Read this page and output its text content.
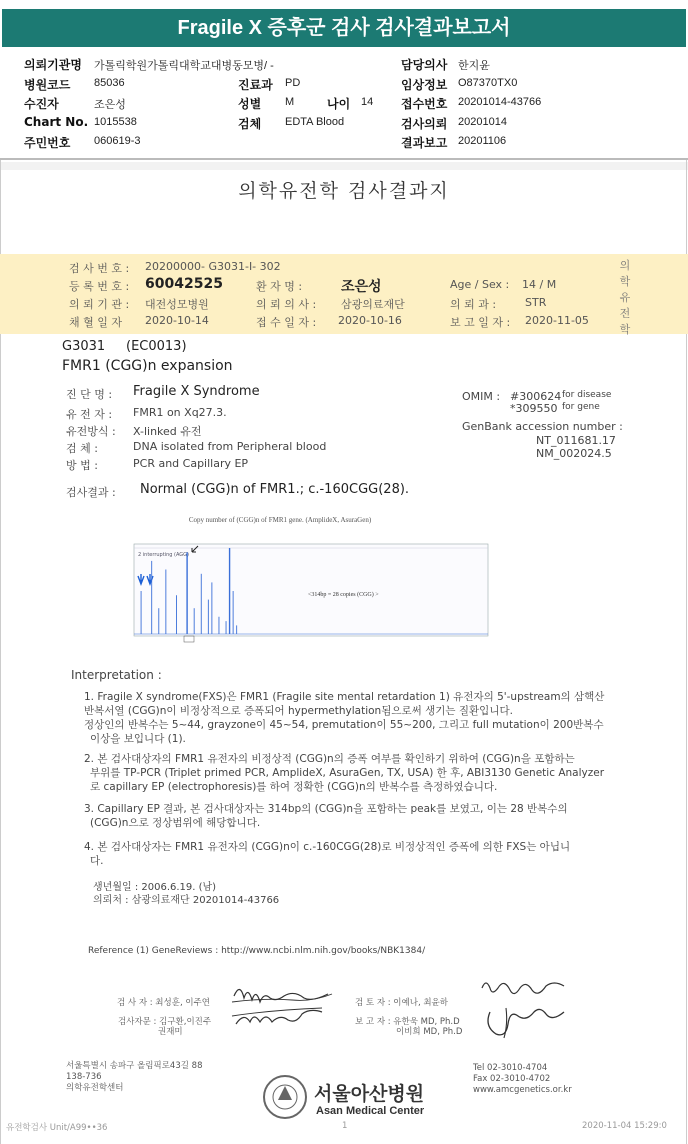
Fragile X 증후군 검사 검사결과보고서
의뢰기관명 가톨릭학원가톨릭대학교대병동모병/ -
병원코드 85036
수진자	조은성
Chart No. 1015538
주민번호 060619-3
진료과 PD
성별 M	나이 14
검체 EDTA Blood
담당의사 한지윤
임상정보 O87370TX0
접수번호 20201014-43766
검사의뢰 20201014
결과보고 20201106
의학유전학 검사결과지
검 사 번 호 : 20200000- G3031-I- 302
등 록 번 호 : 60042525	환 자 명 :	조은성	Age / Sex : 14 / M
의 뢰 기 관 : 대전성모병원	의 뢰 의 사 : 삼광의료재단	의 뢰 과 :	STR
채 혈 일 자 2020-10-14	접 수 일 자 : 2020-10-16	보 고 일 자 : 2020-11-05
의
학
유
전
학
G3031 (EC0013)
FMR1 (CGG)n expansion
진 단 명 : Fragile X Syndrome
유 전 자 : FMR1 on Xq27.3.
유전방식 : X-linked 유전
검 체 :	DNA isolated from Peripheral blood
방 법 :	PCR and Capillary EP
OMIM : #300624 for disease
*309550 for gene
GenBank accession number :
NT_011681.17
NM_002024.5
검사결과 : Normal (CGG)n of FMR1.; c.-160CGG(28).
Copy number of (CGG)n of FMR1 gene. (AmplideX, AsuraGen)
2 interrupting (AGG)
<314bp = 28 copies (CGG) >
Interpretation :
1. Fragile X syndrome(FXS)은 FMR1 (Fragile site mental retardation 1) 유전자의 5'-upstream의 삼핵산
반복서열 (CGG)n이 비정상적으로 증폭되어 hypermethylation됨으로써 생기는 질환입니다.
정상인의 반복수는 5~44, grayzone이 45~54, premutation이 55~200, 그리고 full mutation이 200반복수
이상을 보입니다 (1).
2. 본 검사대상자의 FMR1 유전자의 비정상적 (CGG)n의 증폭 여부를 확인하기 위하여 (CGG)n을 포함하는
부위를 TP-PCR (Triplet primed PCR, AmplideX, AsuraGen, TX, USA) 한 후, ABI3130 Genetic Analyzer
로 capillary EP (electrophoresis)를 하여 정확한 (CGG)n의 반복수를 측정하였습니다.
3. Capillary EP 결과, 본 검사대상자는 314bp의 (CGG)n을 포함하는 peak를 보였고, 이는 28 반복수의
(CGG)n으로 정상범위에 해당합니다.
4. 본 검사대상자는 FMR1 유전자의 (CGG)n이 c.-160CGG(28)로 비정상적인 증폭에 의한 FXS는 아닙니
다.
생년월일 : 2006.6.19. (남)
의뢰처 : 삼광의료재단 20201014-43766
Reference (1) GeneReviews : http://www.ncbi.nlm.nih.gov/books/NBK1384/
검 사 자 : 최성훈, 이주연	검 토 자 : 이예나, 최윤하
검사자문 : 김구환,이진주
권재미
보 고 자 : 유한욱 MD, Ph.D
이비희 MD, Ph.D
서울특별시 송파구 올림픽로43길 88
138-736
의학유전학센터
Tel 02-3010-4704
Fax 02-3010-4702
www.amcgenetics.or.kr
서울아산병원
Asan Medical Center
유전학검사 Unit/A99••36	1	2020-11-04 15:29:0
